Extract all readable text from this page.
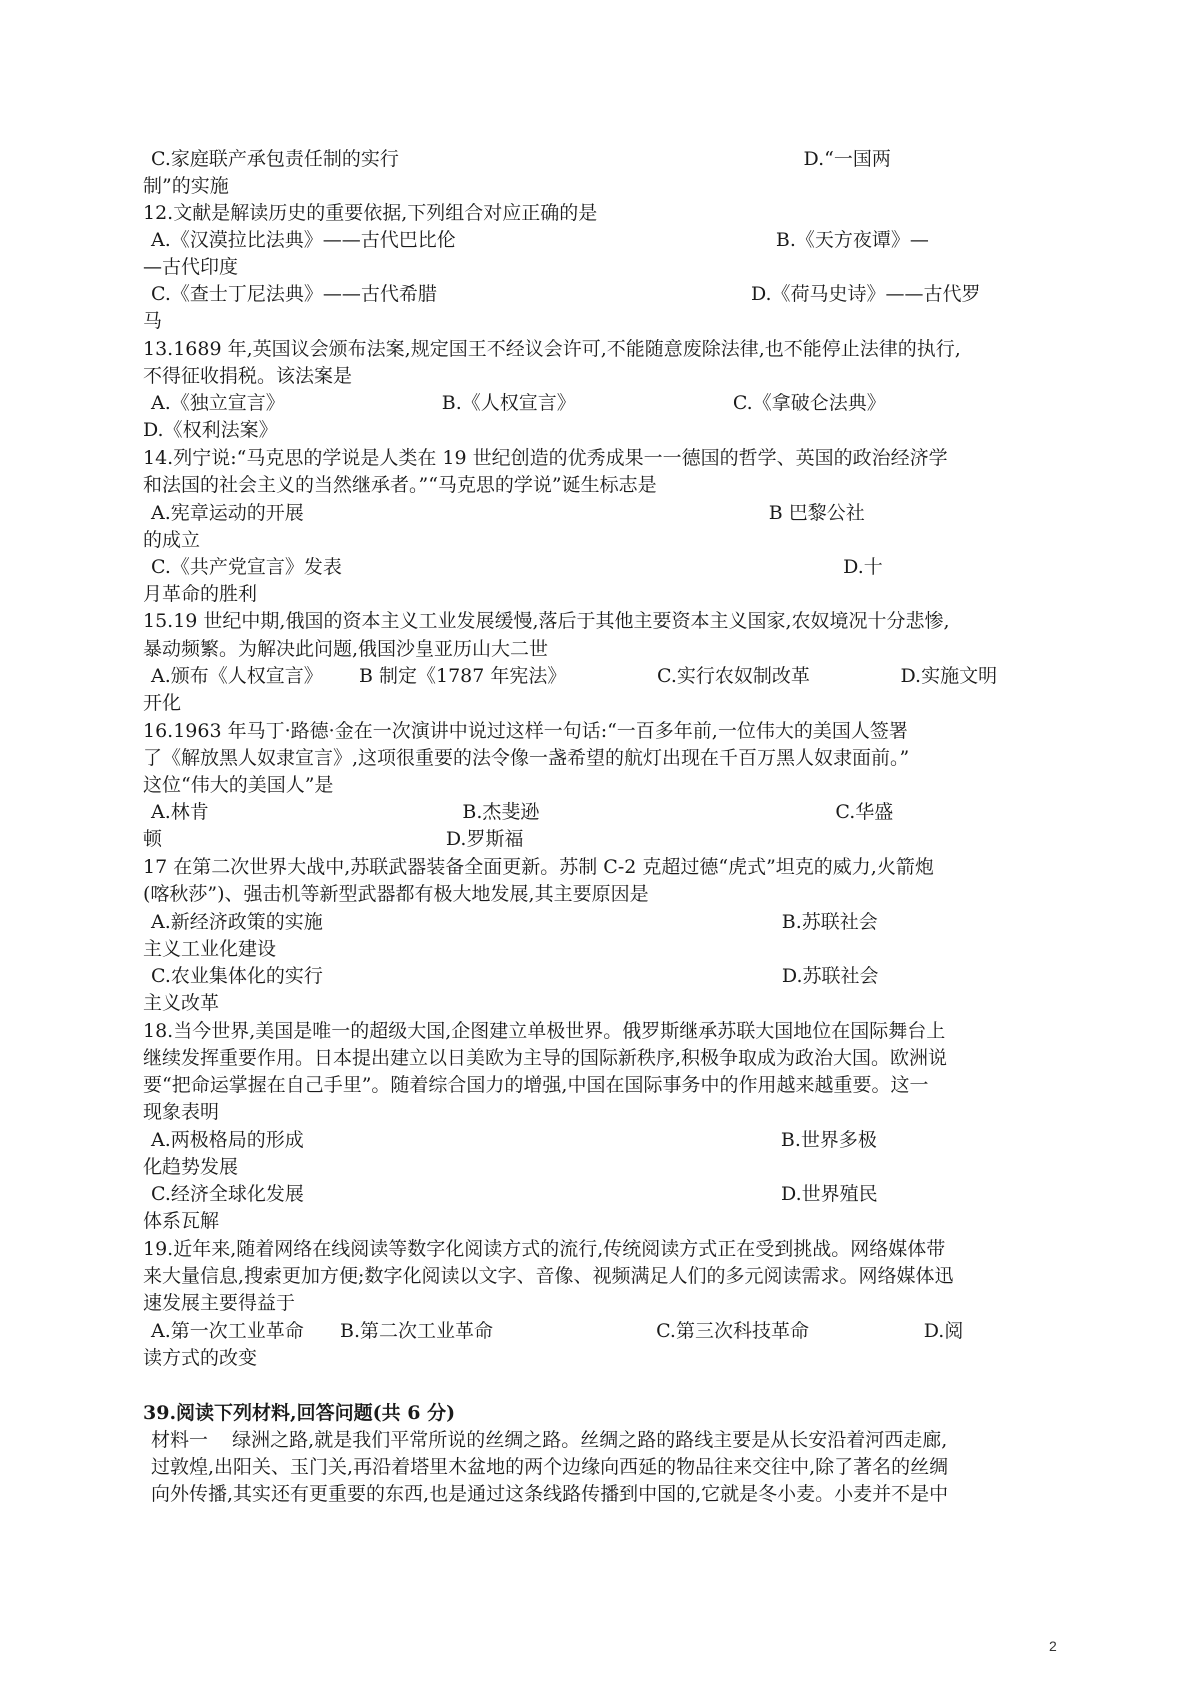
C.家庭联产承包责任制的实行                                                                   D.“一国两
制”的实施
12.文献是解读历史的重要依据,下列组合对应正确的是
A.《汉漠拉比法典》——古代巴比伦                                                     B.《天方夜谭》—
—古代印度
C.《查士丁尼法典》——古代希腊                                                    D.《荷马史诗》——古代罗
马
13.1689 年,英国议会颁布法案,规定国王不经议会许可,不能随意废除法律,也不能停止法律的执行,
不得征收捐税。该法案是
A.《独立宣言》                          B.《人权宣言》                          C.《拿破仑法典》
D.《权利法案》
14.列宁说:“马克思的学说是人类在 19 世纪创造的优秀成果一一德国的哲学、英国的政治经济学
和法国的社会主义的当然继承者。”“马克思的学说”诞生标志是
A.宪章运动的开展                                                                             B 巴黎公社
的成立
C.《共产党宣言》发表                                                                                   D.十
月革命的胜利
15.19 世纪中期,俄国的资本主义工业发展缓慢,落后于其他主要资本主义国家,农奴境况十分悲惨,
暴动频繁。为解决此问题,俄国沙皇亚历山大二世
A.颁布《人权宣言》      B 制定《1787 年宪法》               C.实行农奴制改革               D.实施文明
开化
16.1963 年马丁·路德·金在一次演讲中说过这样一句话:“一百多年前,一位伟大的美国人签署
了《解放黑人奴隶宣言》,这项很重要的法令像一盏希望的航灯出现在千百万黑人奴隶面前。”
这位“伟大的美国人”是
A.林肯                                          B.杰斐逊                                                 C.华盛
顿                                               D.罗斯福
17 在第二次世界大战中,苏联武器装备全面更新。苏制 C-2 克超过德“虎式”坦克的威力,火箭炮
(喀秋莎”)、强击机等新型武器都有极大地发展,其主要原因是
A.新经济政策的实施                                                                            B.苏联社会
主义工业化建设
C.农业集体化的实行                                                                            D.苏联社会
主义改革
18.当今世界,美国是唯一的超级大国,企图建立单极世界。俄罗斯继承苏联大国地位在国际舞台上
继续发挥重要作用。日本提出建立以日美欧为主导的国际新秩序,积极争取成为政治大国。欧洲说
要“把命运掌握在自己手里”。随着综合国力的增强,中国在国际事务中的作用越来越重要。这一
现象表明
A.两极格局的形成                                                                               B.世界多极
化趋势发展
C.经济全球化发展                                                                               D.世界殖民
体系瓦解
19.近年来,随着网络在线阅读等数字化阅读方式的流行,传统阅读方式正在受到挑战。网络媒体带
来大量信息,搜索更加方便;数字化阅读以文字、音像、视频满足人们的多元阅读需求。网络媒体迅
速发展主要得益于
A.第一次工业革命      B.第二次工业革命                           C.第三次科技革命                   D.阅
读方式的改变
39.阅读下列材料,回答问题(共 6 分)
材料一    绿洲之路,就是我们平常所说的丝绸之路。丝绸之路的路线主要是从长安沿着河西走廊,
过敦煌,出阳关、玉门关,再沿着塔里木盆地的两个边缘向西延的物品往来交往中,除了著名的丝绸
向外传播,其实还有更重要的东西,也是通过这条线路传播到中国的,它就是冬小麦。小麦并不是中
2
